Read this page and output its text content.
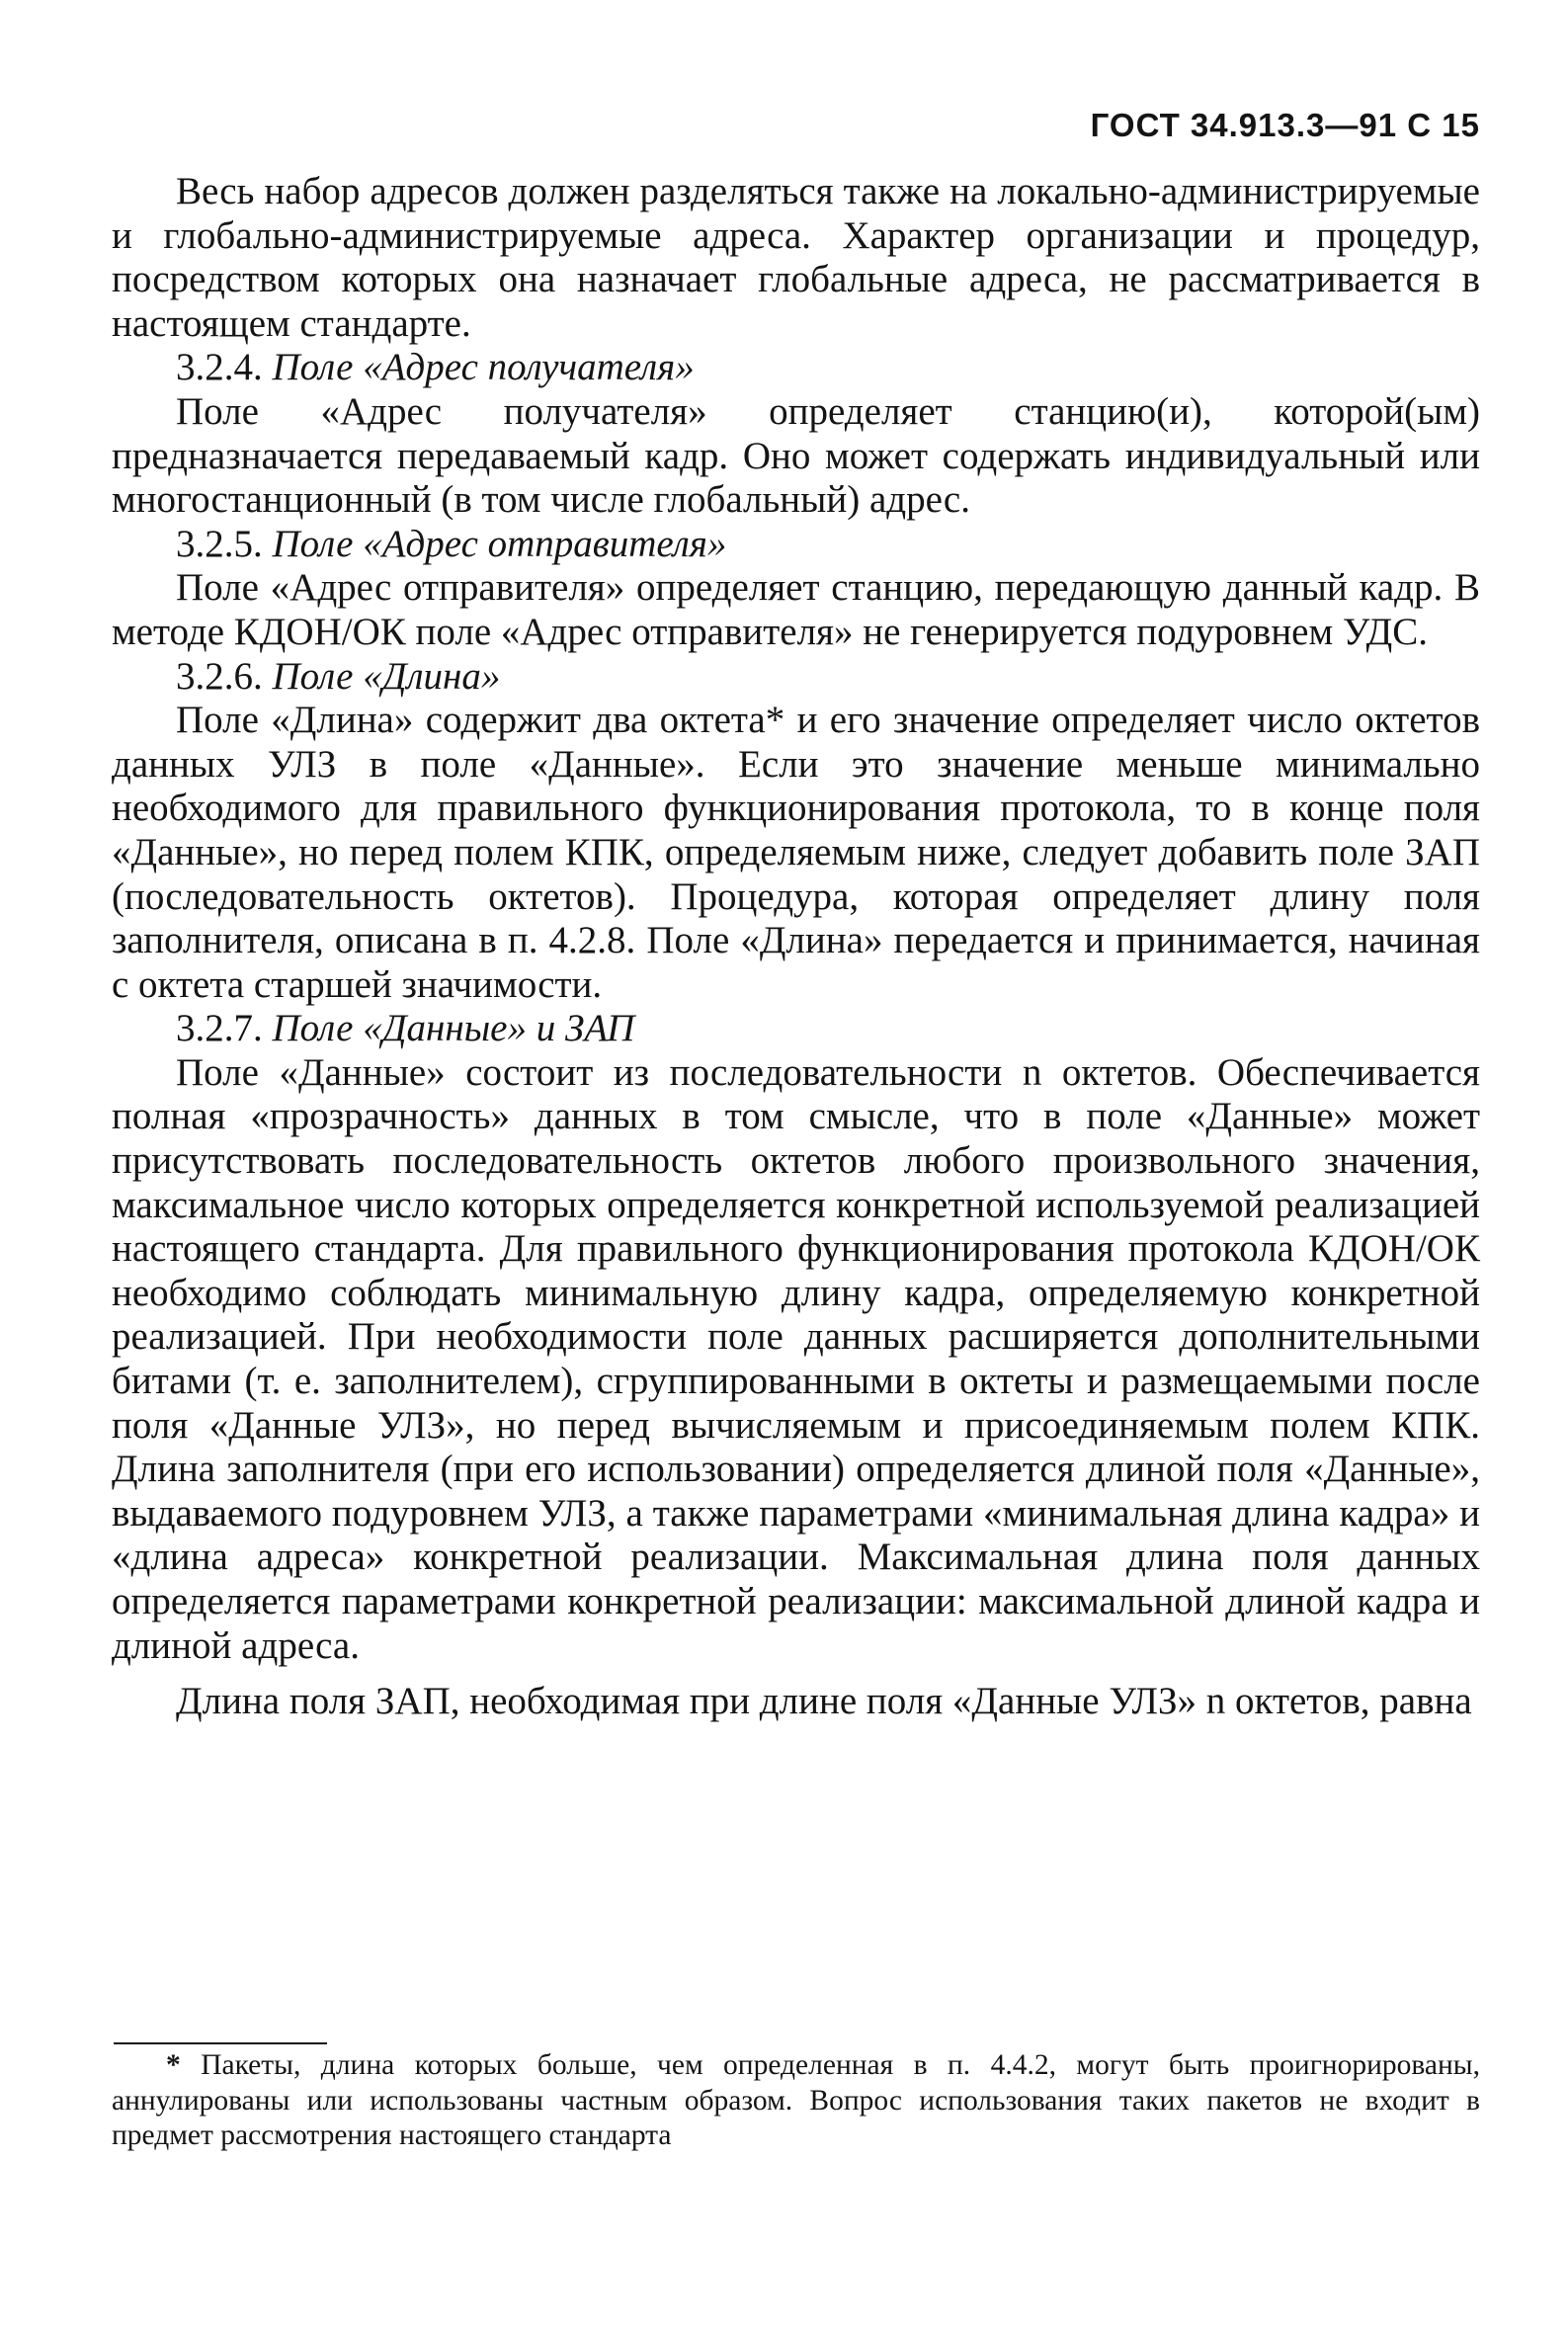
ГОСТ 34.913.3—91 С 15

Весь набор адресов должен разделяться также на локально-администрируемые и глобально-администрируемые адреса. Характер организации и процедур, посредством которых она назначает глобальные адреса, не рассматривается в настоящем стандарте.

3.2.4. Поле «Адрес получателя»

Поле «Адрес получателя» определяет станцию(и), которой(ым) предназначается передаваемый кадр. Оно может содержать индивидуальный или многостанционный (в том числе глобальный) адрес.

3.2.5. Поле «Адрес отправителя»

Поле «Адрес отправителя» определяет станцию, передающую данный кадр. В методе КДОН/ОК поле «Адрес отправителя» не генерируется подуровнем УДС.

3.2.6. Поле «Длина»

Поле «Длина» содержит два октета* и его значение определяет число октетов данных УЛЗ в поле «Данные». Если это значение меньше минимально необходимого для правильного функционирования протокола, то в конце поля «Данные», но перед полем КПК, определяемым ниже, следует добавить поле ЗАП (последовательность октетов). Процедура, которая определяет длину поля заполнителя, описана в п. 4.2.8. Поле «Длина» передается и принимается, начиная с октета старшей значимости.

3.2.7. Поле «Данные» и ЗАП

Поле «Данные» состоит из последовательности n октетов. Обеспечивается полная «прозрачность» данных в том смысле, что в поле «Данные» может присутствовать последовательность октетов любого произвольного значения, максимальное число которых определяется конкретной используемой реализацией настоящего стандарта. Для правильного функционирования протокола КДОН/ОК необходимо соблюдать минимальную длину кадра, определяемую конкретной реализацией. При необходимости поле данных расширяется дополнительными битами (т. е. заполнителем), сгруппированными в октеты и размещаемыми после поля «Данные УЛЗ», но перед вычисляемым и присоединяемым полем КПК. Длина заполнителя (при его использовании) определяется длиной поля «Данные», выдаваемого подуровнем УЛЗ, а также параметрами «минимальная длина кадра» и «длина адреса» конкретной реализации. Максимальная длина поля данных определяется параметрами конкретной реализации: максимальной длиной кадра и длиной адреса.

Длина поля ЗАП, необходимая при длине поля «Данные УЛЗ» n октетов, равна

* Пакеты, длина которых больше, чем определенная в п. 4.4.2, могут быть проигнорированы, аннулированы или использованы частным образом. Вопрос использования таких пакетов не входит в предмет рассмотрения настоящего стандарта
